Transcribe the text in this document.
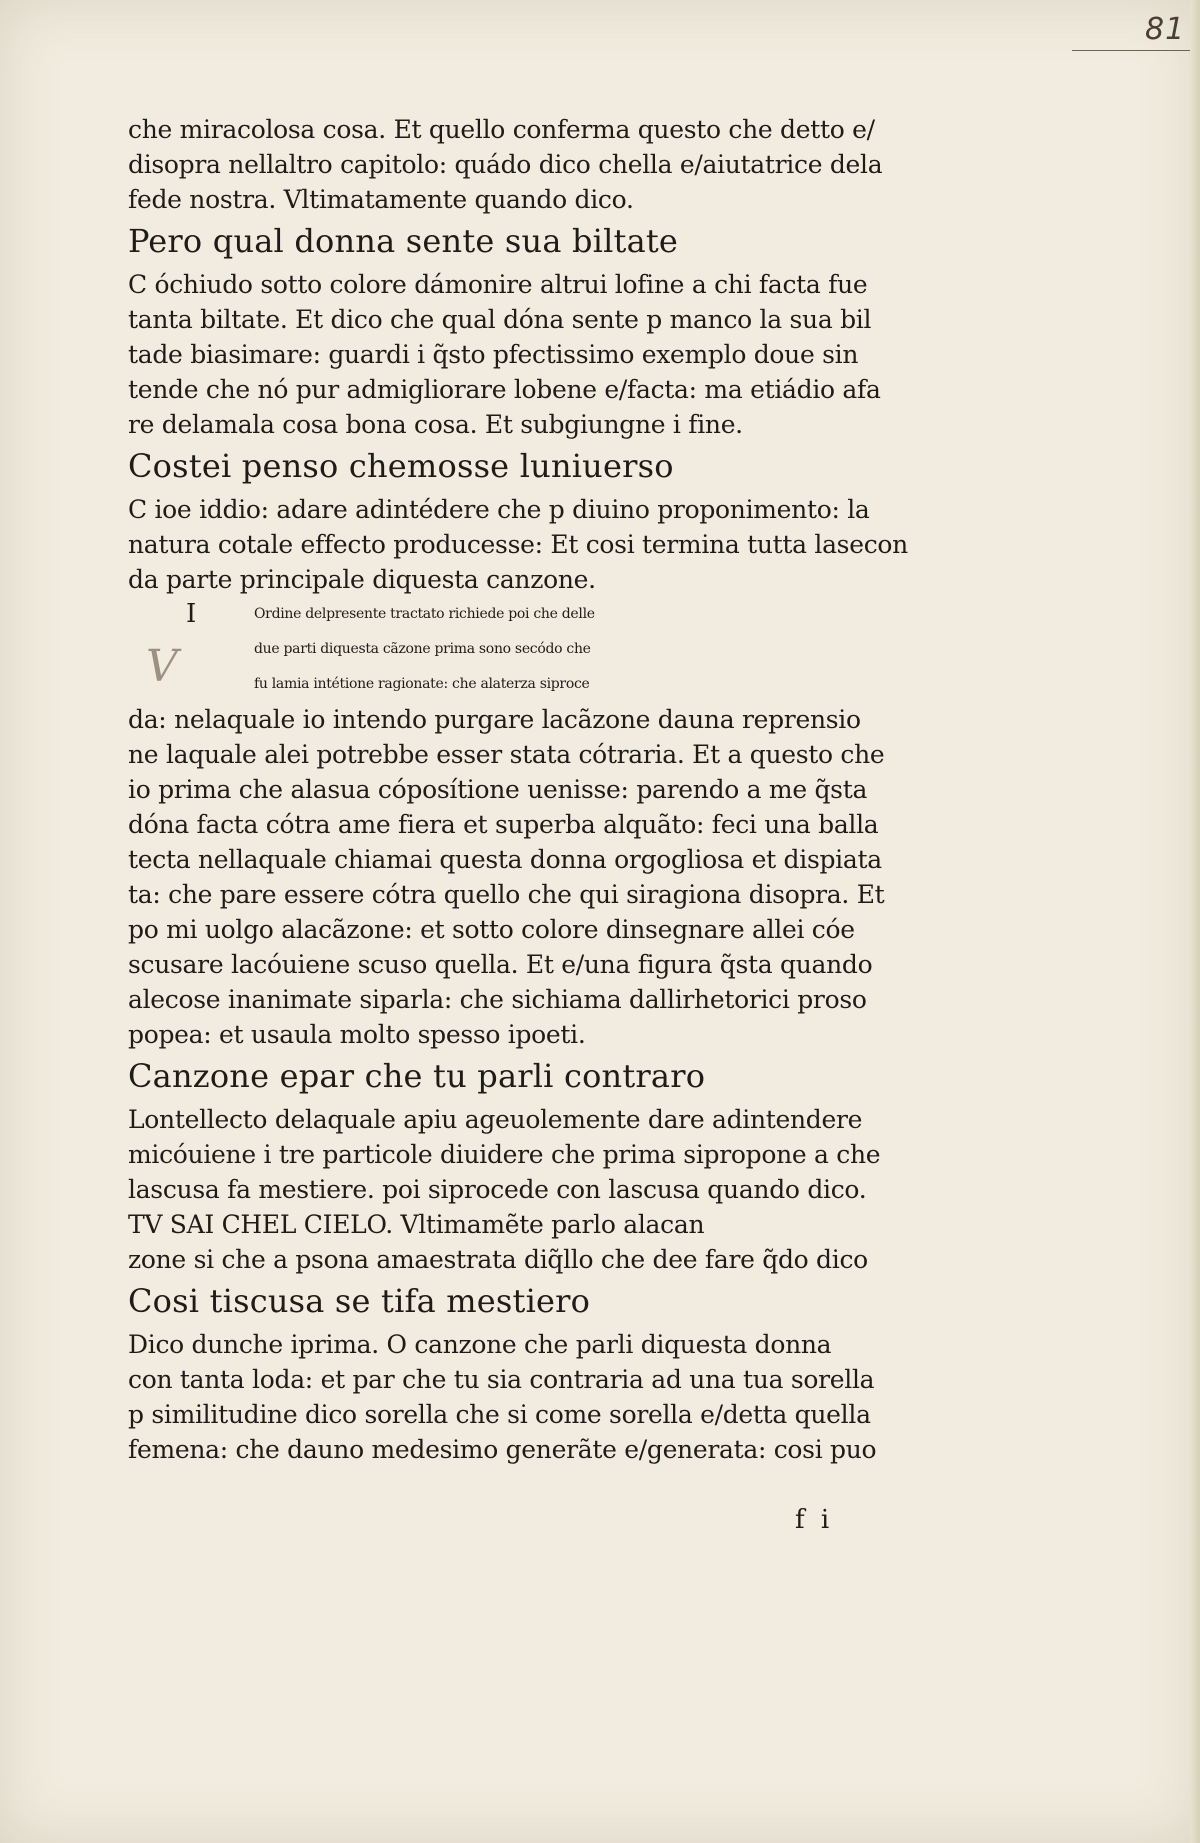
81
che miracolosa cosa. Et quello conferma questo che detto e/
disopra nellaltro capitolo: quádo dico chella e/aiutatrice dela
fede nostra. Vltimatamente quando dico.
Pero qual donna sente sua biltate
C óchiudo sotto colore dámonire altrui lofine a chi facta fue
tanta biltate. Et dico che qual dóna sente p manco la sua bil
tade biasimare: guardi i q̃sto pfectissimo exemplo doue sin
tende che nó pur admigliorare lobene e/facta: ma etiádio afa
re delamala cosa bona cosa. Et subgiungne i fine.
Costei penso chemosse luniuerso
C ioe iddio: adare adintédere che p diuino proponimento: la
natura cotale effecto producesse: Et cosi termina tutta lasecon
da parte principale diquesta canzone.
I
V
Ordine delpresente tractato richiede poi che delle
due parti diquesta cãzone prima sono secódo che
fu lamia intétione ragionate: che alaterza siproce
da: nelaquale io intendo purgare lacãzone dauna reprensio
ne laquale alei potrebbe esser stata cótraria. Et a questo che
io prima che alasua cóposítione uenisse: parendo a me q̃sta
dóna facta cótra ame fiera et superba alquãto: feci una balla
tecta nellaquale chiamai questa donna orgogliosa et dispiata
ta: che pare essere cótra quello che qui siragiona disopra. Et
po mi uolgo alacãzone: et sotto colore dinsegnare allei cóe
scusare lacóuiene scuso quella. Et e/una figura q̃sta quando
alecose inanimate siparla: che sichiama dallirhetorici proso
popea: et usaula molto spesso ipoeti.
Canzone epar che tu parli contraro
Lontellecto delaquale apiu ageuolemente dare adintendere
micóuiene i tre particole diuidere che prima sipropone a che
lascusa fa mestiere. poi siprocede con lascusa quando dico.
TV SAI CHEL CIELO. Vltimamẽte parlo alacan
zone si che a psona amaestrata diq̃llo che dee fare q̃do dico
Cosi tiscusa se tifa mestiero
Dico dunche iprima. O canzone che parli diquesta donna
con tanta loda: et par che tu sia contraria ad una tua sorella
p similitudine dico sorella che si come sorella e/detta quella
femena: che dauno medesimo generãte e/generata: cosi puo
f i
